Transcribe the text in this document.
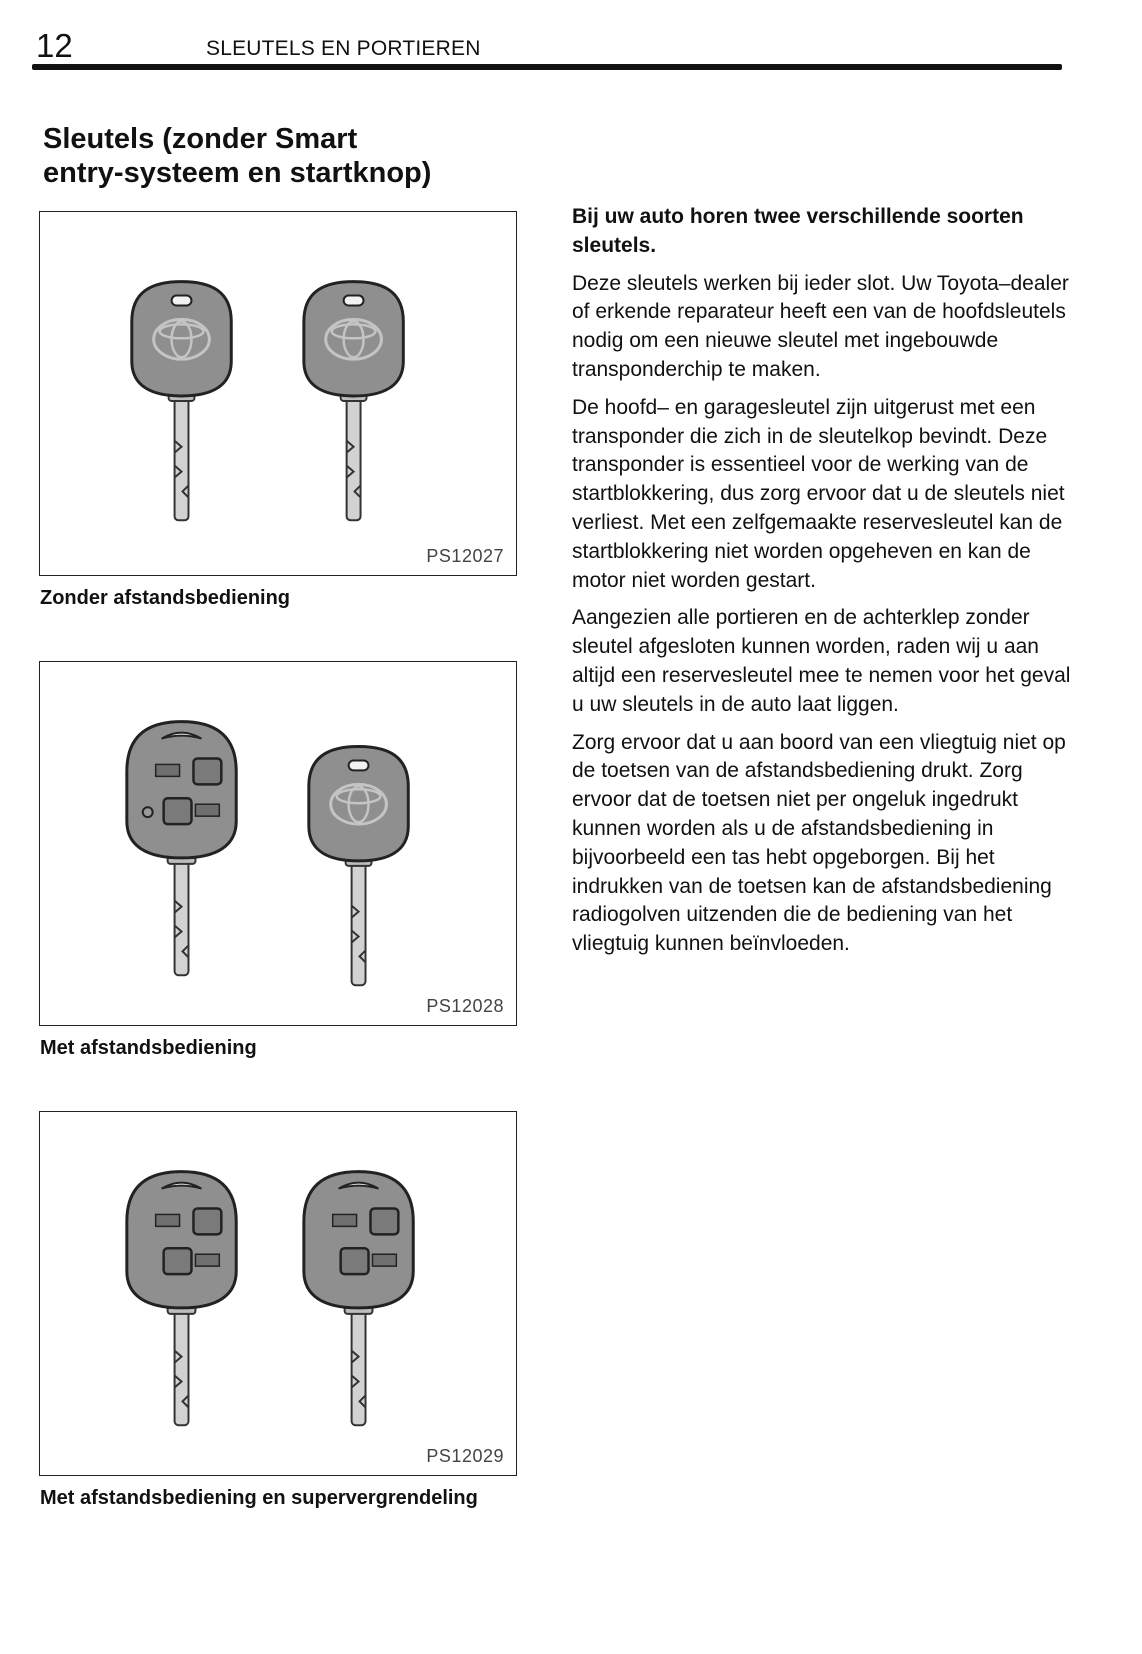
12	SLEUTELS EN PORTIEREN
Sleutels (zonder Smart
entry-systeem en startknop)
PS12027
Zonder afstandsbediening
PS12028
Met afstandsbediening
PS12029
Met afstandsbediening en supervergrendeling

Bij uw auto horen twee verschillende soorten sleutels.

Deze sleutels werken bij ieder slot. Uw Toyota–dealer of erkende reparateur heeft een van de hoofdsleutels nodig om een nieuwe sleutel met ingebouwde transponderchip te maken.

De hoofd– en garagesleutel zijn uitgerust met een transponder die zich in de sleutelkop bevindt. Deze transponder is essentieel voor de werking van de startblokkering, dus zorg ervoor dat u de sleutels niet verliest. Met een zelfgemaakte reservesleutel kan de startblokkering niet worden opgeheven en kan de motor niet worden gestart.

Aangezien alle portieren en de achterklep zonder sleutel afgesloten kunnen worden, raden wij u aan altijd een reservesleutel mee te nemen voor het geval u uw sleutels in de auto laat liggen.

Zorg ervoor dat u aan boord van een vliegtuig niet op de toetsen van de afstandsbediening drukt. Zorg ervoor dat de toetsen niet per ongeluk ingedrukt kunnen worden als u de afstandsbediening in bijvoorbeeld een tas hebt opgeborgen. Bij het indrukken van de toetsen kan de afstandsbediening radiogolven uitzenden die de bediening van het vliegtuig kunnen beïnvloeden.
